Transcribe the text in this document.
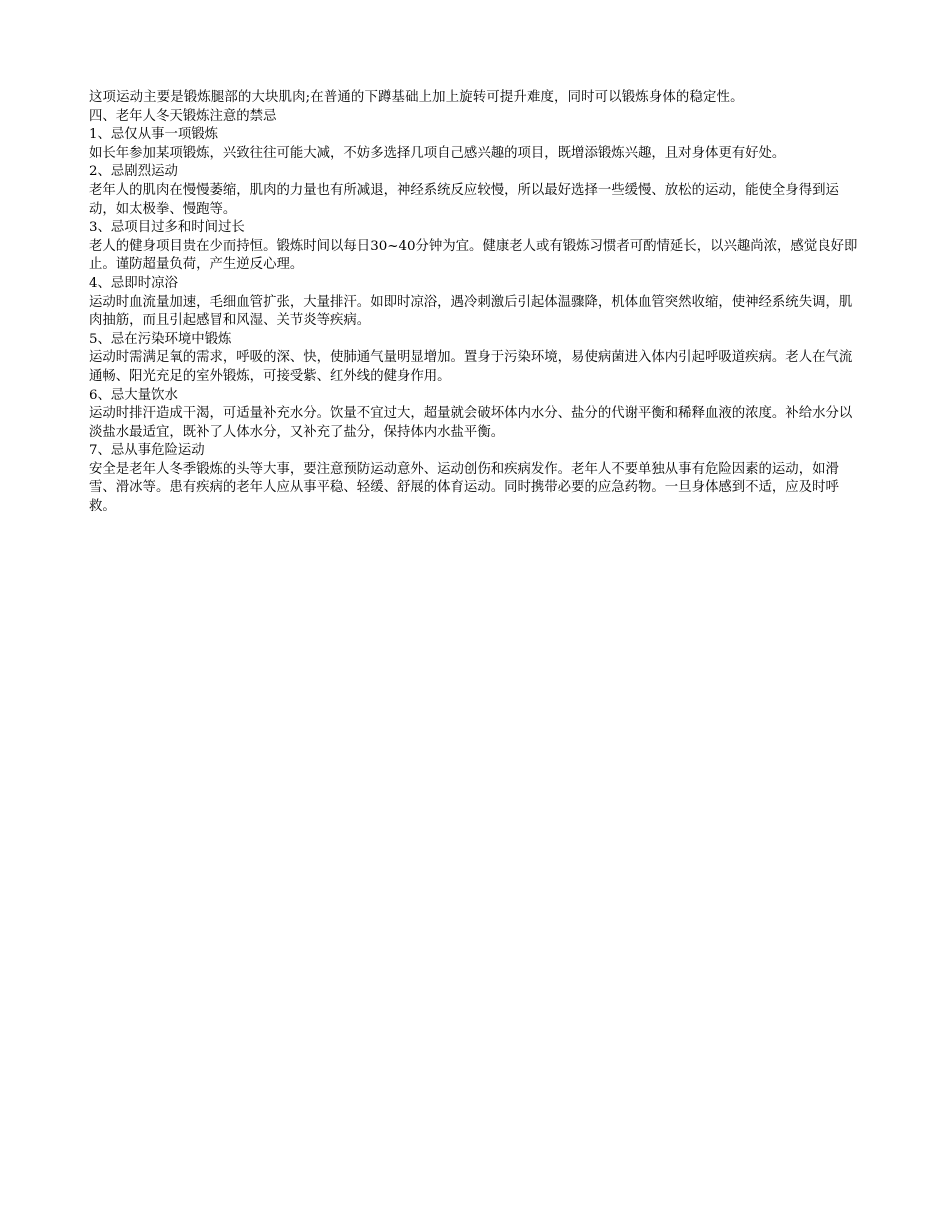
这项运动主要是锻炼腿部的大块肌肉;在普通的下蹲基础上加上旋转可提升难度，同时可以锻炼身体的稳定性。

四、老年人冬天锻炼注意的禁忌

1、忌仅从事一项锻炼

如长年参加某项锻炼，兴致往往可能大减，不妨多选择几项自己感兴趣的项目，既增添锻炼兴趣，且对身体更有好处。

2、忌剧烈运动

老年人的肌肉在慢慢萎缩，肌肉的力量也有所减退，神经系统反应较慢，所以最好选择一些缓慢、放松的运动，能使全身得到运动，如太极拳、慢跑等。

3、忌项目过多和时间过长

老人的健身项目贵在少而持恒。锻炼时间以每日30~40分钟为宜。健康老人或有锻炼习惯者可酌情延长，以兴趣尚浓，感觉良好即止。谨防超量负荷，产生逆反心理。

4、忌即时凉浴

运动时血流量加速，毛细血管扩张，大量排汗。如即时凉浴，遇冷刺激后引起体温骤降，机体血管突然收缩，使神经系统失调，肌肉抽筋，而且引起感冒和风湿、关节炎等疾病。

5、忌在污染环境中锻炼

运动时需满足氧的需求，呼吸的深、快，使肺通气量明显增加。置身于污染环境，易使病菌进入体内引起呼吸道疾病。老人在气流通畅、阳光充足的室外锻炼，可接受紫、红外线的健身作用。

6、忌大量饮水

运动时排汗造成干渴，可适量补充水分。饮量不宜过大，超量就会破坏体内水分、盐分的代谢平衡和稀释血液的浓度。补给水分以淡盐水最适宜，既补了人体水分，又补充了盐分，保持体内水盐平衡。

7、忌从事危险运动

安全是老年人冬季锻炼的头等大事，要注意预防运动意外、运动创伤和疾病发作。老年人不要单独从事有危险因素的运动，如滑雪、滑冰等。患有疾病的老年人应从事平稳、轻缓、舒展的体育运动。同时携带必要的应急药物。一旦身体感到不适，应及时呼救。
